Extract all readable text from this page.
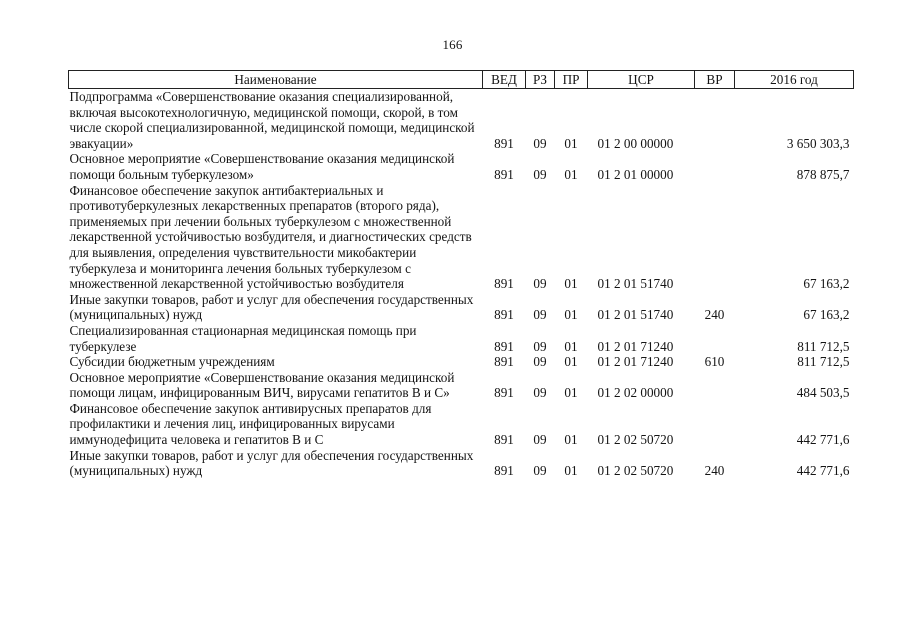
166
Наименование	ВЕД	РЗ	ПР	ЦСР	ВР	2016 год
Подпрограмма «Совершенствование оказания специализированной, включая высокотехнологичную, медицинской помощи, скорой, в том числе скорой специализированной, медицинской помощи, медицинской эвакуации»	891	09	01	01 2 00 00000		3 650 303,3
Основное мероприятие «Совершенствование оказания медицинской помощи больным туберкулезом»	891	09	01	01 2 01 00000		878 875,7
Финансовое обеспечение закупок антибактериальных и противотуберкулезных лекарственных препаратов (второго ряда), применяемых при лечении больных туберкулезом с множественной лекарственной устойчивостью возбудителя, и диагностических средств для выявления, определения чувствительности микобактерии туберкулеза и мониторинга лечения больных туберкулезом с множественной лекарственной устойчивостью возбудителя	891	09	01	01 2 01 51740		67 163,2
Иные закупки товаров, работ и услуг для обеспечения государственных (муниципальных) нужд	891	09	01	01 2 01 51740	240	67 163,2
Специализированная стационарная медицинская помощь при туберкулезе	891	09	01	01 2 01 71240		811 712,5
Субсидии бюджетным учреждениям	891	09	01	01 2 01 71240	610	811 712,5
Основное мероприятие «Совершенствование оказания медицинской помощи лицам, инфицированным ВИЧ, вирусами гепатитов В и С»	891	09	01	01 2 02 00000		484 503,5
Финансовое обеспечение закупок антивирусных препаратов для профилактики и лечения лиц, инфицированных вирусами иммунодефицита человека и гепатитов В и С	891	09	01	01 2 02 50720		442 771,6
Иные закупки товаров, работ и услуг для обеспечения государственных (муниципальных) нужд	891	09	01	01 2 02 50720	240	442 771,6
